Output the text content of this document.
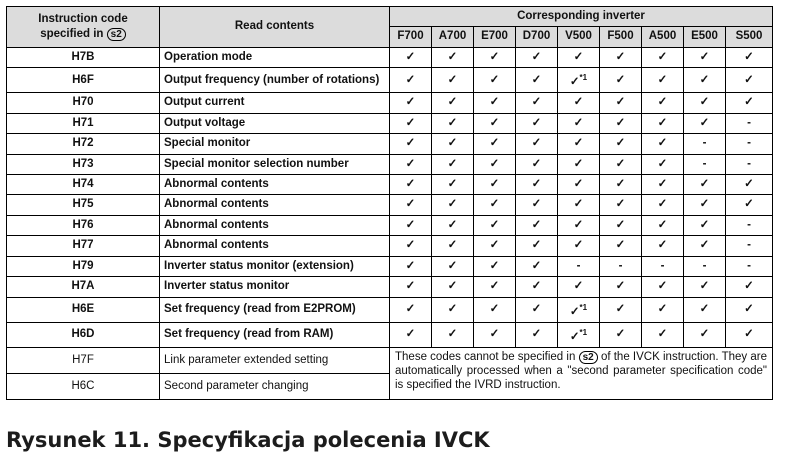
Instruction code
specified in s2	Read contents	Corresponding inverter								
		F700	A700	E700	D700	V500	F500	A500	E500	S500
H7B	Operation mode	✓	✓	✓	✓	✓	✓	✓	✓	✓
H6F	Output frequency (number of rotations)	✓	✓	✓	✓	✓$^{*1}$	✓	✓	✓	✓
H70	Output current	✓	✓	✓	✓	✓	✓	✓	✓	✓
H71	Output voltage	✓	✓	✓	✓	✓	✓	✓	✓	-
H72	Special monitor	✓	✓	✓	✓	✓	✓	✓	-	-
H73	Special monitor selection number	✓	✓	✓	✓	✓	✓	✓	-	-
H74	Abnormal contents	✓	✓	✓	✓	✓	✓	✓	✓	✓
H75	Abnormal contents	✓	✓	✓	✓	✓	✓	✓	✓	✓
H76	Abnormal contents	✓	✓	✓	✓	✓	✓	✓	✓	-
H77	Abnormal contents	✓	✓	✓	✓	✓	✓	✓	✓	-
H79	Inverter status monitor (extension)	✓	✓	✓	✓	-	-	-	-	-
H7A	Inverter status monitor	✓	✓	✓	✓	✓	✓	✓	✓	✓
H6E	Set frequency (read from E2PROM)	✓	✓	✓	✓	✓$^{*1}$	✓	✓	✓	✓
H6D	Set frequency (read from RAM)	✓	✓	✓	✓	✓$^{*1}$	✓	✓	✓	✓
H7F	Link parameter extended setting	These codes cannot be specified in s2 of the IVCK instruction. They are automatically processed when a "second parameter specification code" is specified the IVRD instruction.								
H6C	Second parameter changing									
Rysunek 11. Specyfikacja polecenia IVCK
